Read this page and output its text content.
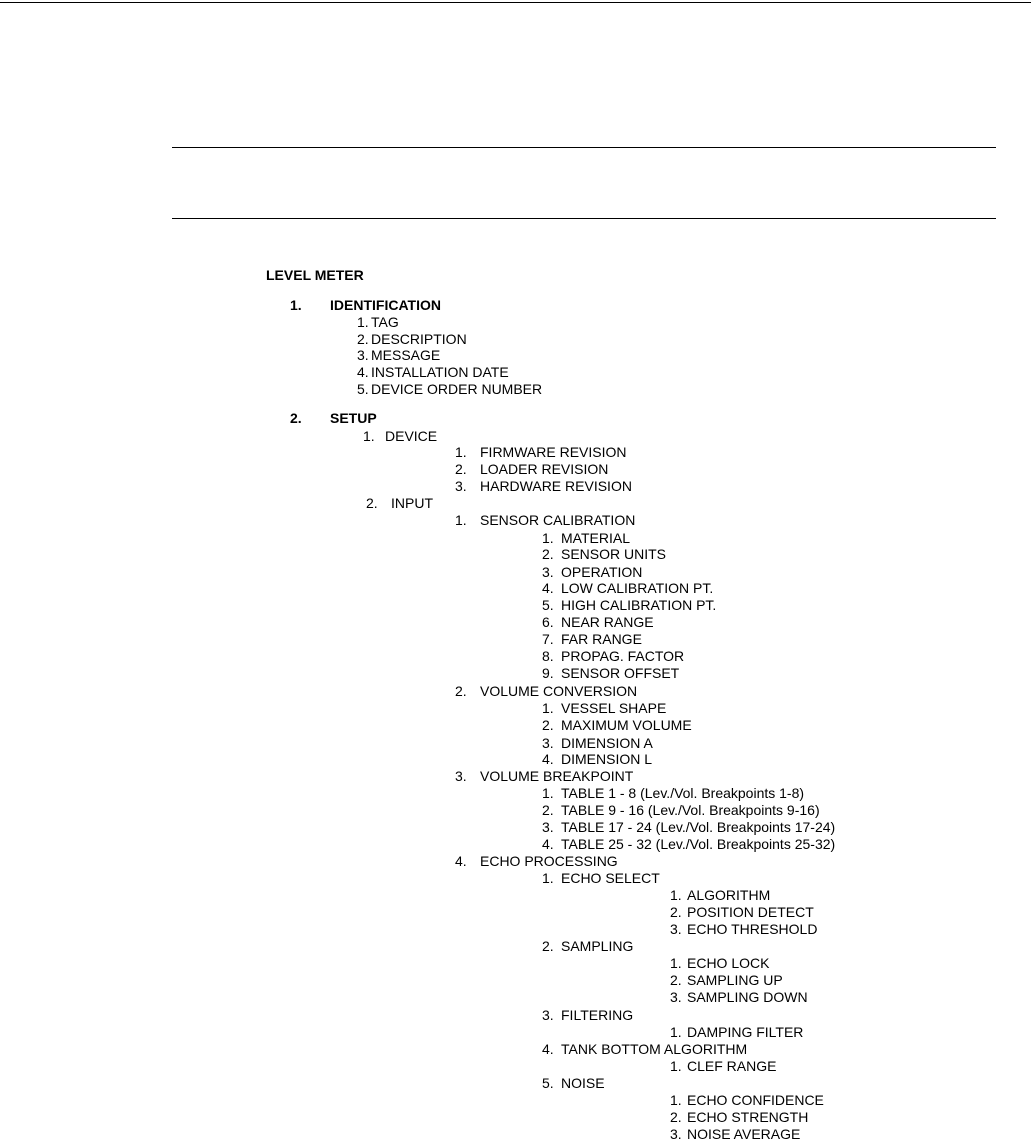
LEVEL METER
1. IDENTIFICATION
1. TAG
2. DESCRIPTION
3. MESSAGE
4. INSTALLATION DATE
5. DEVICE ORDER NUMBER
2. SETUP
1. DEVICE
1. FIRMWARE REVISION
2. LOADER REVISION
3. HARDWARE REVISION
2. INPUT
1. SENSOR CALIBRATION
1. MATERIAL
2. SENSOR UNITS
3. OPERATION
4. LOW CALIBRATION PT.
5. HIGH CALIBRATION PT.
6. NEAR RANGE
7. FAR RANGE
8. PROPAG. FACTOR
9. SENSOR OFFSET
2. VOLUME CONVERSION
1. VESSEL SHAPE
2. MAXIMUM VOLUME
3. DIMENSION A
4. DIMENSION L
3. VOLUME BREAKPOINT
1. TABLE 1 - 8 (Lev./Vol. Breakpoints 1-8)
2. TABLE 9 - 16 (Lev./Vol. Breakpoints 9-16)
3. TABLE 17 - 24 (Lev./Vol. Breakpoints 17-24)
4. TABLE 25 - 32 (Lev./Vol. Breakpoints 25-32)
4. ECHO PROCESSING
1. ECHO SELECT
1. ALGORITHM
2. POSITION DETECT
3. ECHO THRESHOLD
2. SAMPLING
1. ECHO LOCK
2. SAMPLING UP
3. SAMPLING DOWN
3. FILTERING
1. DAMPING FILTER
4. TANK BOTTOM ALGORITHM
1. CLEF RANGE
5. NOISE
1. ECHO CONFIDENCE
2. ECHO STRENGTH
3. NOISE AVERAGE
